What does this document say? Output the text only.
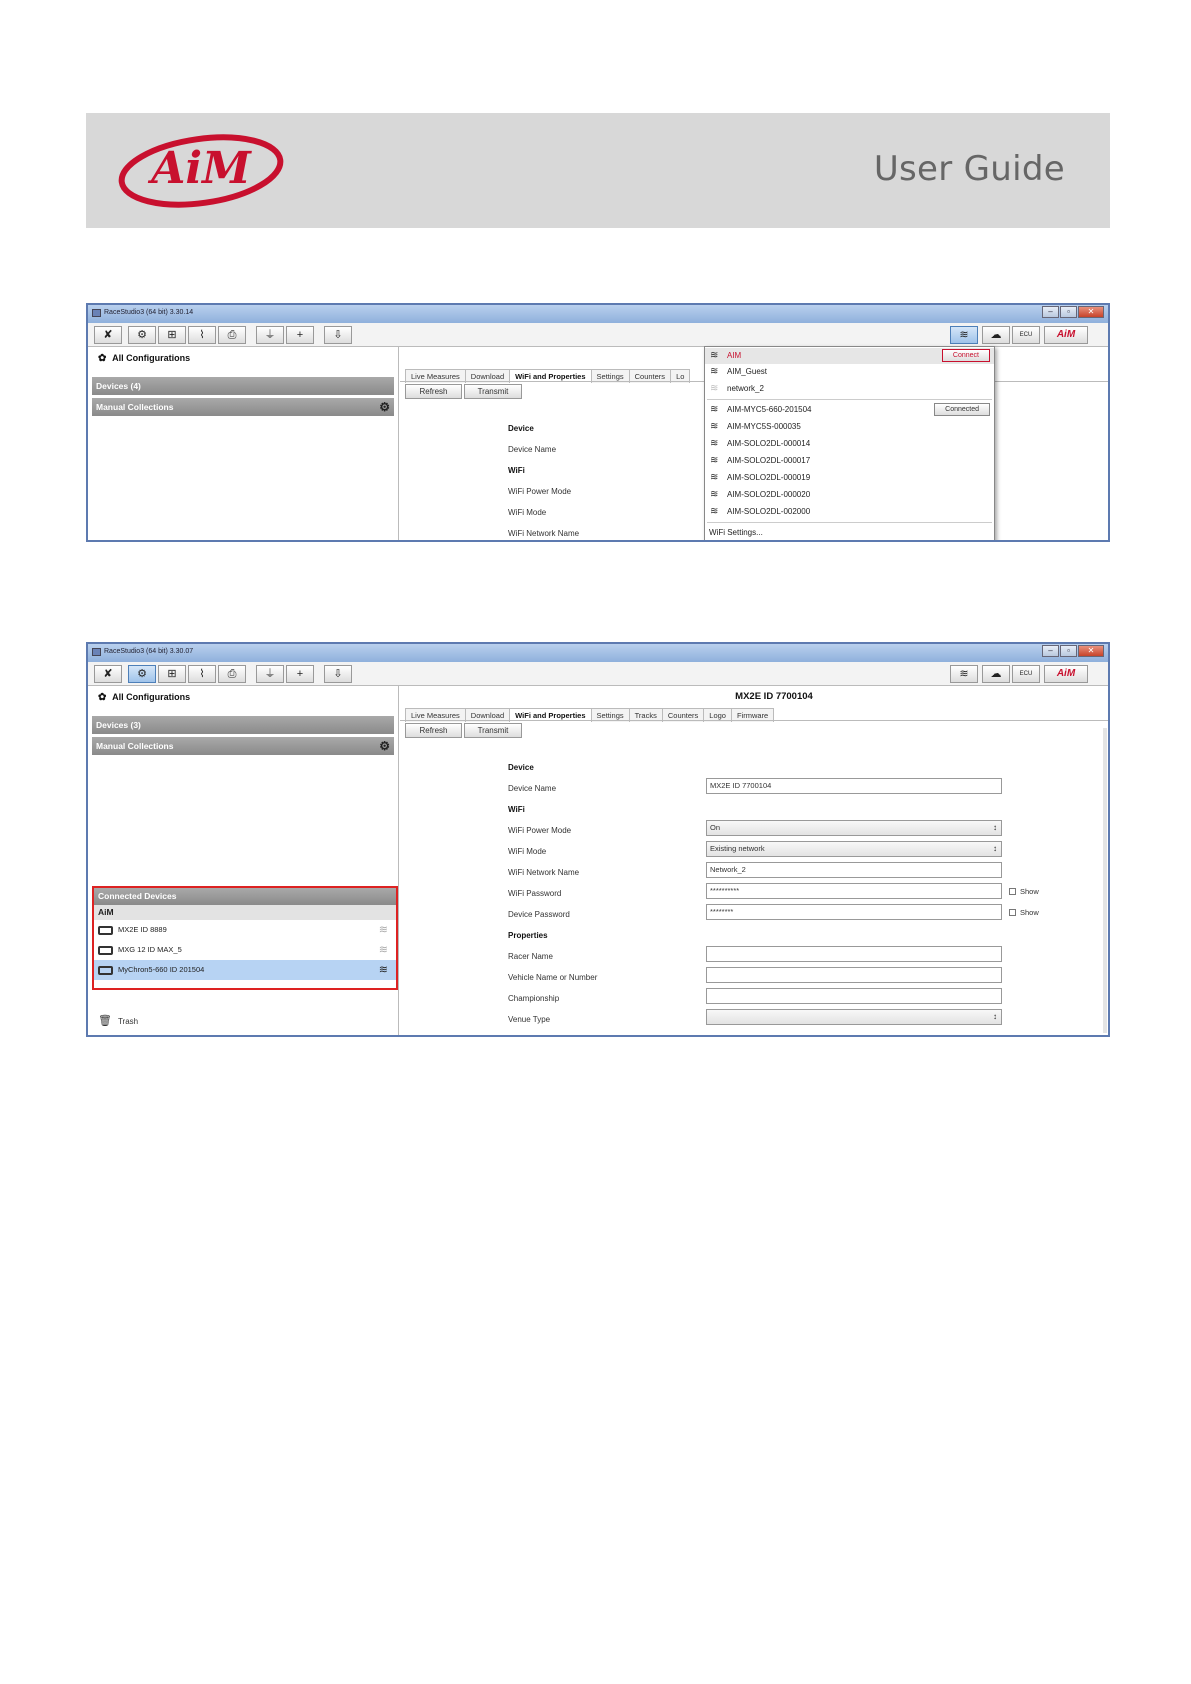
AiM	User Guide
RaceStudio3 (64 bit) 3.30.14	–	▫	✕
✘	⚙	⊞	⌇	⎙	⏚	+	⇩	≋	☁	ECU	AiM
✿ All Configurations
Devices (4)
Manual Collections	⚙
Live Measures	Download	WiFi and Properties	Settings	Counters	Lo
Refresh	Transmit
Device
Device Name
WiFi
WiFi Power Mode
WiFi Mode
WiFi Network Name
≋ AIM	Connect
≋ AIM_Guest
≋ network_2
≋ AIM-MYC5-660-201504	Connected
≋ AIM-MYC5S-000035
≋ AIM-SOLO2DL-000014
≋ AIM-SOLO2DL-000017
≋ AIM-SOLO2DL-000019
≋ AIM-SOLO2DL-000020
≋ AIM-SOLO2DL-002000
WiFi Settings...
RaceStudio3 (64 bit) 3.30.07	–	▫	✕
✘	⚙	⊞	⌇	⎙	⏚	+	⇩	≋	☁	ECU	AiM
✿ All Configurations
Devices (3)
Manual Collections	⚙
Connected Devices
AiM
MX2E ID 8889	≋
MXG 12 ID MAX_5	≋
MyChron5-660 ID 201504	≋
🗑 Trash
MX2E ID 7700104
Live Measures	Download	WiFi and Properties	Settings	Tracks	Counters	Logo	Firmware
Refresh	Transmit
Device
Device Name	MX2E ID 7700104
WiFi
WiFi Power Mode	On ↕
WiFi Mode	Existing network ↕
WiFi Network Name	Network_2
WiFi Password	**********	Show
Device Password	********	Show
Properties
Racer Name
Vehicle Name or Number
Championship
Venue Type
↕
